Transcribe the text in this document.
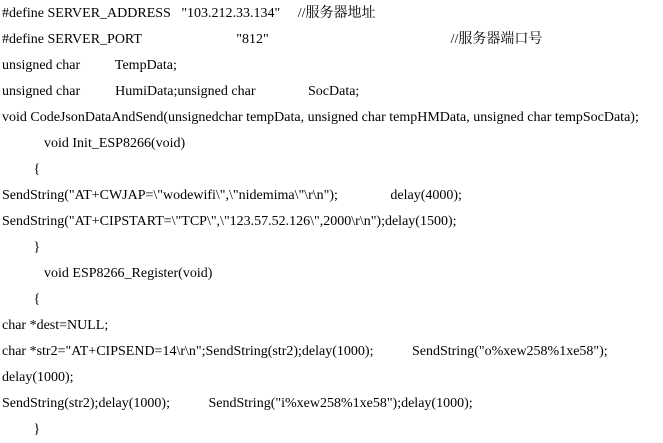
#define SERVER_ADDRESS   "103.212.33.134"     //服务器地址
#define SERVER_PORT                           "812"                                                    //服务器端口号
unsigned char          TempData;
unsigned char          HumiData;unsigned char               SocData;
void CodeJsonDataAndSend(unsignedchar tempData, unsigned char tempHMData, unsigned char tempSocData);
void Init_ESP8266(void)
{
SendString("AT+CWJAP=\"wodewifi\",\"nidemima\"\r\n");               delay(4000);
SendString("AT+CIPSTART=\"TCP\",\"123.57.52.126\",2000\r\n");delay(1500);
}
void ESP8266_Register(void)
{
char *dest=NULL;
char *str2="AT+CIPSEND=14\r\n";SendString(str2);delay(1000);           SendString("o%xew258%1xe58");
delay(1000);
SendString(str2);delay(1000);           SendString("i%xew258%1xe58");delay(1000);
}
